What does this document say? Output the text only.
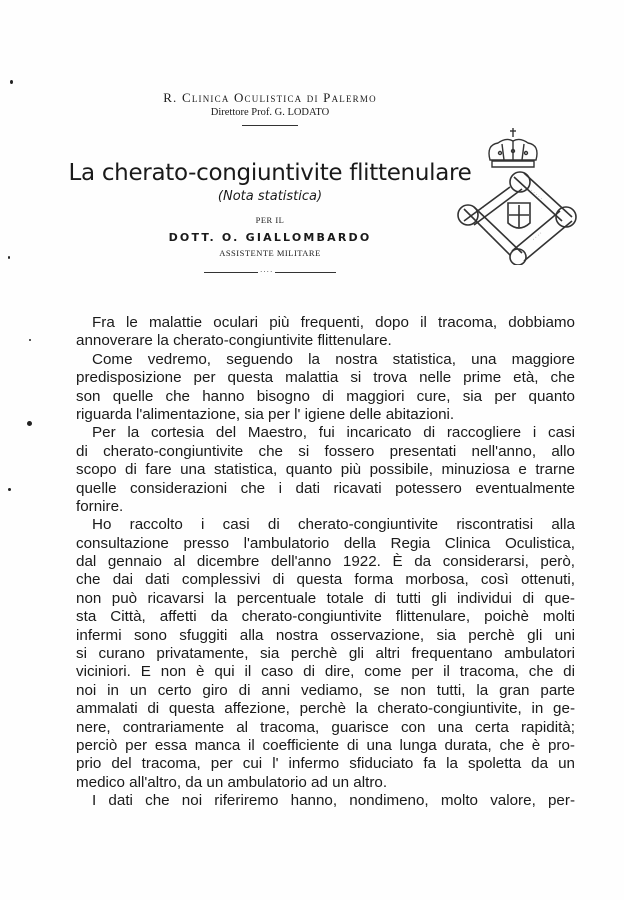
R. Clinica Oculistica di Palermo
Direttore Prof. G. LODATO
La cherato-congiuntivite flittenulare
(Nota statistica)
PER IL
DOTT. O. GIALLOMBARDO
ASSISTENTE MILITARE
····
· · · · ·
· · · ·
· · · · ·	· · · ·
Fra le malattie oculari più frequenti, dopo il tracoma, dobbiamo
annoverare la cherato-congiuntivite flittenulare.
Come vedremo, seguendo la nostra statistica, una maggiore
predisposizione per questa malattia si trova nelle prime età, che
son quelle che hanno bisogno di maggiori cure, sia per quanto
riguarda l'alimentazione, sia per l' igiene delle abitazioni.
Per la cortesia del Maestro, fui incaricato di raccogliere i casi
di cherato-congiuntivite che si fossero presentati nell'anno, allo
scopo di fare una statistica, quanto più possibile, minuziosa e trarne
quelle considerazioni che i dati ricavati potessero eventualmente
fornire.
Ho raccolto i casi di cherato-congiuntivite riscontratisi alla
consultazione presso l'ambulatorio della Regia Clinica Oculistica,
dal gennaio al dicembre dell'anno 1922. È da considerarsi, però,
che dai dati complessivi di questa forma morbosa, così ottenuti,
non può ricavarsi la percentuale totale di tutti gli individui di que-
sta Città, affetti da cherato-congiuntivite flittenulare, poichè molti
infermi sono sfuggiti alla nostra osservazione, sia perchè gli uni
si curano privatamente, sia perchè gli altri frequentano ambulatori
viciniori. E non è qui il caso di dire, come per il tracoma, che di
noi in un certo giro di anni vediamo, se non tutti, la gran parte
ammalati di questa affezione, perchè la cherato-congiuntivite, in ge-
nere, contrariamente al tracoma, guarisce con una certa rapidità;
perciò per essa manca il coefficiente di una lunga durata, che è pro-
prio del tracoma, per cui l' infermo sfiduciato fa la spoletta da un
medico all'altro, da un ambulatorio ad un altro.
I dati che noi riferiremo hanno, nondimeno, molto valore, per-
